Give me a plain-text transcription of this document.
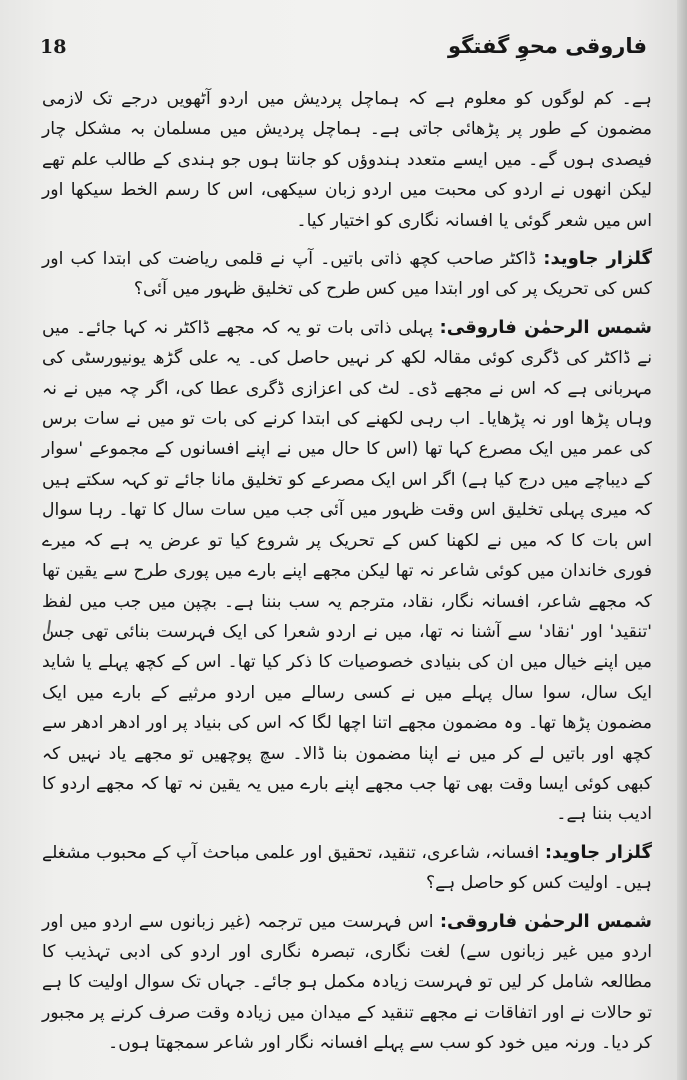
18	فاروقی محوِ گفتگو

ہے۔ کم لوگوں کو معلوم ہے کہ ہماچل پردیش میں اردو آٹھویں درجے تک لازمی مضمون کے طور پر پڑھائی جاتی ہے۔ ہماچل پردیش میں مسلمان بہ مشکل چار فیصدی ہوں گے۔ میں ایسے متعدد ہندوؤں کو جانتا ہوں جو ہندی کے طالب علم تھے لیکن انھوں نے اردو کی محبت میں اردو زبان سیکھی، اس کا رسم الخط سیکھا اور اس میں شعر گوئی یا افسانہ نگاری کو اختیار کیا۔

گلزار جاوید: ڈاکٹر صاحب کچھ ذاتی باتیں۔ آپ نے قلمی ریاضت کی ابتدا کب اور کس کی تحریک پر کی اور ابتدا میں کس طرح کی تخلیق ظہور میں آئی؟

شمس الرحمٰن فاروقی: پہلی ذاتی بات تو یہ کہ مجھے ڈاکٹر نہ کہا جائے۔ میں نے ڈاکٹر کی ڈگری کوئی مقالہ لکھ کر نہیں حاصل کی۔ یہ علی گڑھ یونیورسٹی کی مہربانی ہے کہ اس نے مجھے ڈی۔ لٹ کی اعزازی ڈگری عطا کی، اگر چہ میں نے نہ وہاں پڑھا اور نہ پڑھایا۔ اب رہی لکھنے کی ابتدا کرنے کی بات تو میں نے سات برس کی عمر میں ایک مصرع کہا تھا (اس کا حال میں نے اپنے افسانوں کے مجموعے 'سوار کے دیباچے میں درج کیا ہے) اگر اس ایک مصرعے کو تخلیق مانا جائے تو کہہ سکتے ہیں کہ میری پہلی تخلیق اس وقت ظہور میں آئی جب میں سات سال کا تھا۔ رہا سوال اس بات کا کہ میں نے لکھنا کس کے تحریک پر شروع کیا تو عرض یہ ہے کہ میرے فوری خاندان میں کوئی شاعر نہ تھا لیکن مجھے اپنے بارے میں پوری طرح سے یقین تھا کہ مجھے شاعر، افسانہ نگار، نقاد، مترجم یہ سب بننا ہے۔ بچپن میں جب میں لفظ 'تنقید' اور 'نقاد' سے آشنا نہ تھا، میں نے اردو شعرا کی ایک فہرست بنائی تھی جس میں اپنے خیال میں ان کی بنیادی خصوصیات کا ذکر کیا تھا۔ اس کے کچھ پہلے یا شاید ایک سال، سوا سال پہلے میں نے کسی رسالے میں اردو مرثیے کے بارے میں ایک مضمون پڑھا تھا۔ وہ مضمون مجھے اتنا اچھا لگا کہ اس کی بنیاد پر اور ادھر ادھر سے کچھ اور باتیں لے کر میں نے اپنا مضمون بنا ڈالا۔ سچ پوچھیں تو مجھے یاد نہیں کہ کبھی کوئی ایسا وقت بھی تھا جب مجھے اپنے بارے میں یہ یقین نہ تھا کہ مجھے اردو کا ادیب بننا ہے۔

گلزار جاوید: افسانہ، شاعری، تنقید، تحقیق اور علمی مباحث آپ کے محبوب مشغلے ہیں۔ اولیت کس کو حاصل ہے؟

شمس الرحمٰن فاروقی: اس فہرست میں ترجمہ (غیر زبانوں سے اردو میں اور اردو میں غیر زبانوں سے) لغت نگاری، تبصرہ نگاری اور اردو کی ادبی تہذیب کا مطالعہ شامل کر لیں تو فہرست زیادہ مکمل ہو جائے۔ جہاں تک سوال اولیت کا ہے تو حالات نے اور اتفاقات نے مجھے تنقید کے میدان میں زیادہ وقت صرف کرنے پر مجبور کر دیا۔ ورنہ میں خود کو سب سے پہلے افسانہ نگار اور شاعر سمجھتا ہوں۔
